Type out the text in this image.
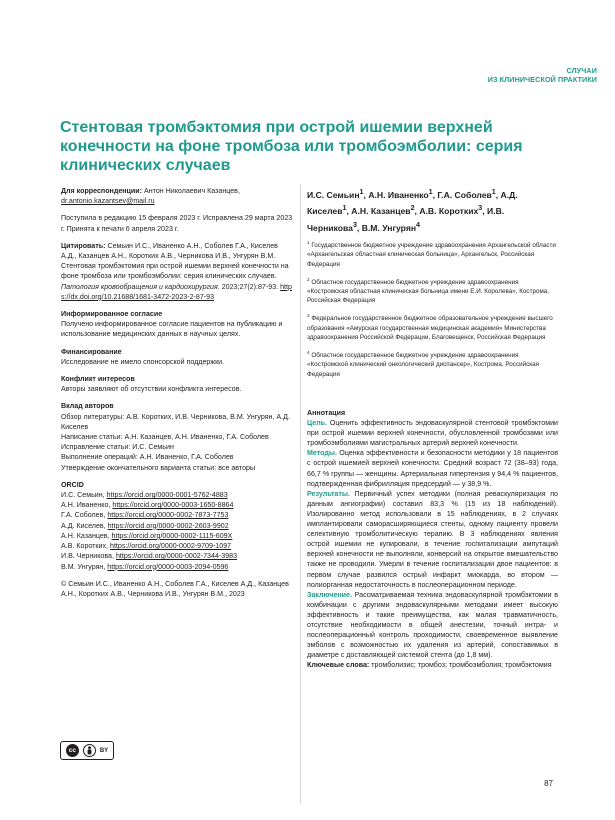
СЛУЧАИ
ИЗ КЛИНИЧЕСКОЙ ПРАКТИКИ
Стентовая тромбэктомия при острой ишемии верхней конечности на фоне тромбоза или тромбоэмболии: серия клинических случаев

Для корреспонденции: Антон Николаевич Казанцев,
dr.antonio.kazantsev@mail.ru

Поступила в редакцию 15 февраля 2023 г. Исправлена 29 марта 2023 г. Принята к печати 6 апреля 2023 г.

Цитировать: Семьин И.С., Иваненко А.Н., Соболев Г.А., Киселев А.Д., Казанцев А.Н., Коротких А.В., Черникова И.В., Унгурян В.М. Стентовая тромбэктомия при острой ишемии верхней конечности на фоне тромбоза или тромбоэмболии: серия клинических случаев. Патология кровообращения и кардиохирургия. 2023;27(2):87-93. https://dx.doi.org/10.21688/1681-3472-2023-2-87-93

Информированное согласие

Получено информированное согласие пациентов на публикацию и использование медицинских данных в научных целях.

Финансирование

Исследование не имело спонсорской поддержки.

Конфликт интересов

Авторы заявляют об отсутствии конфликта интересов.

Вклад авторов

Обзор литературы: А.В. Коротких, И.В. Черникова, В.М. Унгурян, А.Д. Киселев
Написание статьи: А.Н. Казанцев, А.Н. Иваненко, Г.А. Соболев
Исправление статьи: И.С. Семьин
Выполнение операций: А.Н. Иваненко, Г.А. Соболев
Утверждение окончательного варианта статьи: все авторы

ORCID

И.С. Семьин, https://orcid.org/0000-0001-5762-4883
А.Н. Иваненко, https://orcid.org/0000-0003-1650-8864
Г.А. Соболев, https://orcid.org/0000-0002-7873-7753
А.Д. Киселев, https://orcid.org/0000-0002-2603-9902
А.Н. Казанцев, https://orcid.org/0000-0002-1115-609X
А.В. Коротких, https://orcid.org/0000-0002-9709-1097
И.В. Черникова, https://orcid.org/0000-0002-7344-3983
В.М. Унгурян, https://orcid.org/0000-0003-2094-0596

© Семьин И.С., Иваненко А.Н., Соболев Г.А., Киселев А.Д., Казанцев А.Н., Коротких А.В., Черникова И.В., Унгурян В.М., 2023

cc	BY
И.С. Семьин$^1$, А.Н. Иваненко$^1$, Г.А. Соболев$^1$, А.Д. Киселев$^1$, А.Н. Казанцев$^2$, А.В. Коротких$^3$, И.В. Черникова$^3$, В.М. Унгурян$^4$
$^1$ Государственное бюджетное учреждение здравоохранения Архангельской области «Архангельская областная клиническая больница», Архангельск, Российская Федерация
$^2$ Областное государственное бюджетное учреждение здравоохранения «Костромская областная клиническая больница имени Е.И. Королева», Кострома, Российская Федерация
$^3$ Федеральное государственное бюджетное образовательное учреждение высшего образования «Амурская государственная медицинская академия» Министерства здравоохранения Российской Федерации, Благовещенск, Российская Федерация
$^4$ Областное государственное бюджетное учреждение здравоохранения «Костромской клинический онкологический диспансер», Кострома, Российская Федерация

Аннотация

Цель. Оценить эффективность эндоваскулярной стентовой тромбэктомии при острой ишемии верхней конечности, обусловленной тромбозами или тромбоэмболиями магистральных артерий верхней конечности.

Методы. Оценка эффективности и безопасности методики у 18 пациентов с острой ишемией верхней конечности. Средний возраст 72 (38–93) года, 66,7 % группы — женщины. Артериальная гипертензия у 94,4 % пациентов, подтвержденная фибрилляция предсердий — у 38,9 %.

Результаты. Первичный успех методики (полная реваскуляризация по данным ангиографии) составил 83,3 % (15 из 18 наблюдений). Изолированно метод использовали в 15 наблюдениях, в 2 случаях имплантировали саморасширяющиеся стенты, одному пациенту провели селективную тромболитическую терапию. В 3 наблюдениях явления острой ишемии не купировали, в течение госпитализации ампутаций верхней конечности не выполняли, конверсий на открытое вмешательство также не проводили. Умерли в течение госпитализации двое пациентов: в первом случае развился острый инфаркт миокарда, во втором — полиорганная недостаточность в послеоперационном периоде.

Заключение. Рассматриваемая техника эндоваскулярной тромбэктомии в комбинации с другими эндоваскулярными методами имеет высокую эффективность и такие преимущества, как малая травматичность, отсутствие необходимости в общей анестезии, точный интра- и послеоперационный контроль проходимости, своевременное выявление эмболов с возможностью их удаления из артерий, сопоставимых в диаметре с доставляющей системой стента (до 1,8 мм).

Ключевые слова: тромболизис; тромбоз; тромбоэмболия; тромбэктомия

87
